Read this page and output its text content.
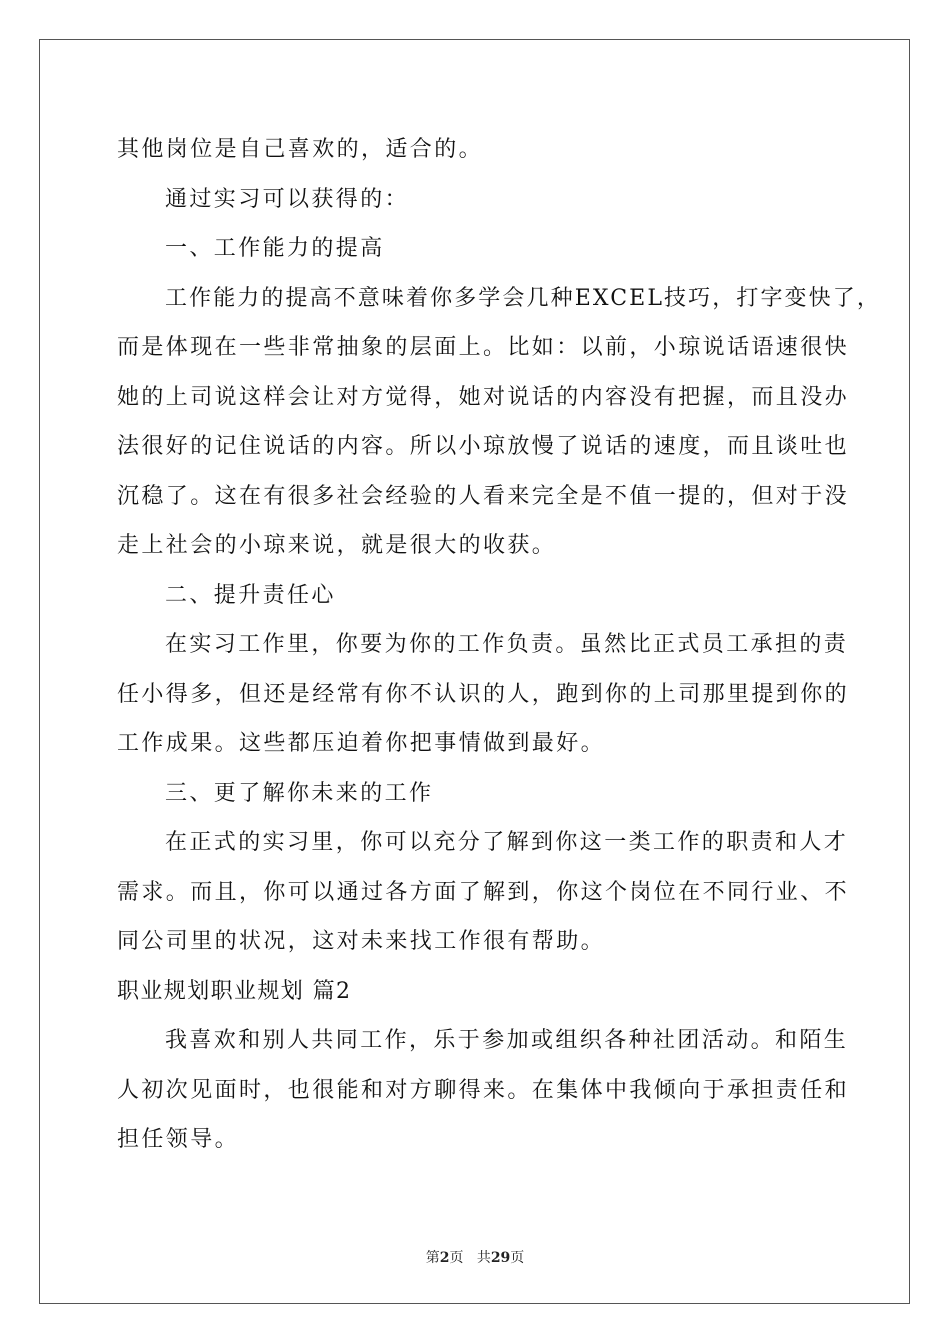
其他岗位是自己喜欢的，适合的。
通过实习可以获得的：
一、工作能力的提高
工作能力的提高不意味着你多学会几种EXCEL技巧，打字变快了，
而是体现在一些非常抽象的层面上。比如：以前，小琼说话语速很快
她的上司说这样会让对方觉得，她对说话的内容没有把握，而且没办
法很好的记住说话的内容。所以小琼放慢了说话的速度，而且谈吐也
沉稳了。这在有很多社会经验的人看来完全是不值一提的，但对于没
走上社会的小琼来说，就是很大的收获。
二、提升责任心
在实习工作里，你要为你的工作负责。虽然比正式员工承担的责
任小得多，但还是经常有你不认识的人，跑到你的上司那里提到你的
工作成果。这些都压迫着你把事情做到最好。
三、更了解你未来的工作
在正式的实习里，你可以充分了解到你这一类工作的职责和人才
需求。而且，你可以通过各方面了解到，你这个岗位在不同行业、不
同公司里的状况，这对未来找工作很有帮助。
职业规划职业规划 篇2
我喜欢和别人共同工作，乐于参加或组织各种社团活动。和陌生
人初次见面时，也很能和对方聊得来。在集体中我倾向于承担责任和
担任领导。
第2页 共29页
